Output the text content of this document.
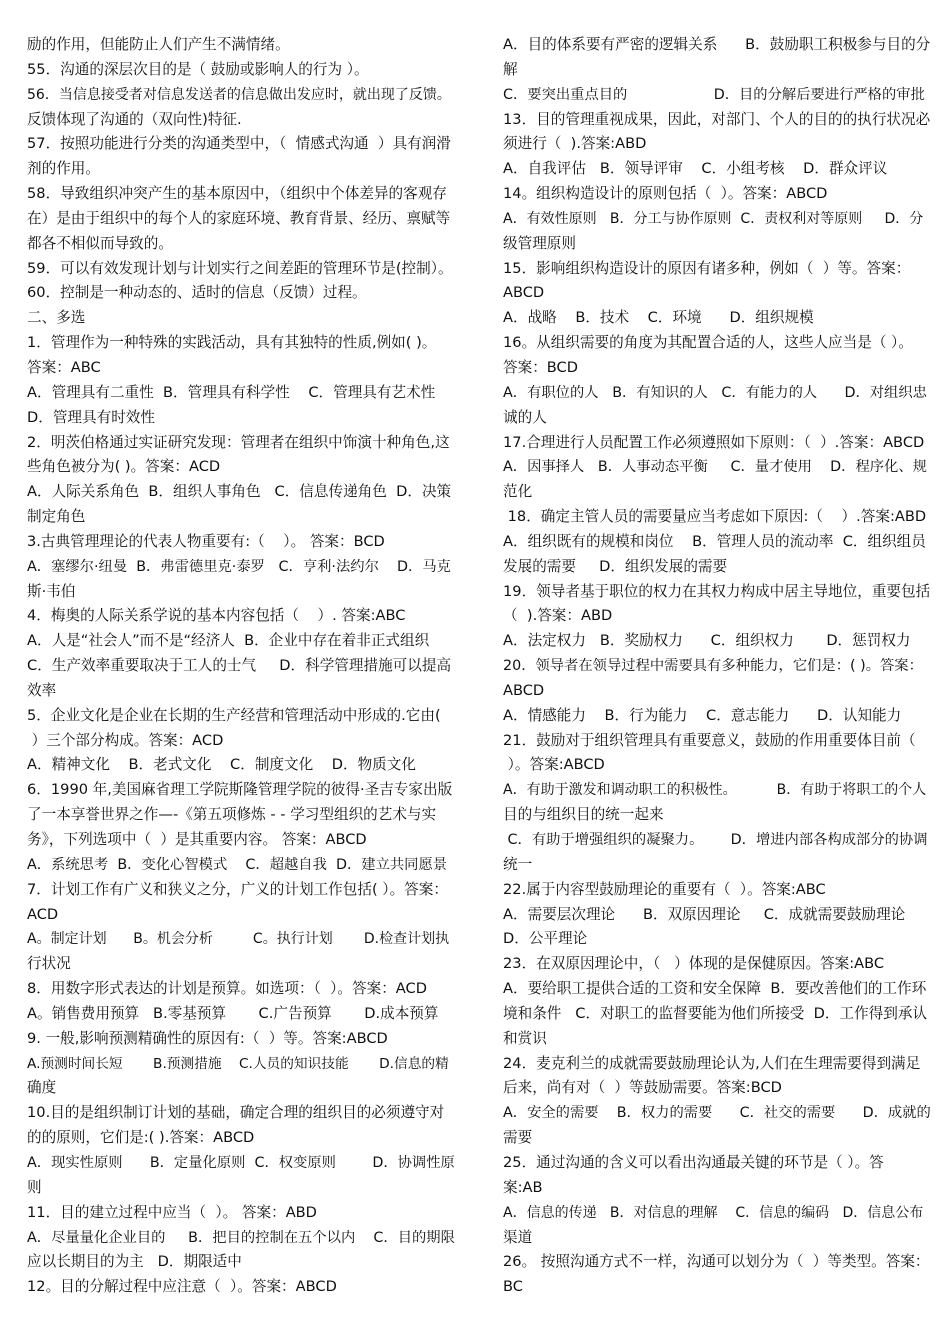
励的作用，但能防止人们产生不满情绪。
55．沟通的深层次目的是（ 鼓励或影响人的行为 ）。
56．当信息接受者对信息发送者的信息做出发应时，就出现了反馈。
反馈体现了沟通的（双向性)特征.
57．按照功能进行分类的沟通类型中，（  情感式沟通  ）具有润滑
剂的作用。
58．导致组织冲突产生的基本原因中，（组织中个体差异的客观存
在）是由于组织中的每个人的家庭环境、教育背景、经历、禀赋等
都各不相似而导致的。
59．可以有效发现计划与计划实行之间差距的管理环节是(控制）。
60．控制是一种动态的、适时的信息（反馈）过程。
二、多选
1．管理作为一种特殊的实践活动，具有其独特的性质,例如( )。
答案：ABC
A．管理具有二重性  B．管理具有科学性    C．管理具有艺术性
D．管理具有时效性
2．明茨伯格通过实证研究发现：管理者在组织中饰演十种角色,这
些角色被分为( )。答案：ACD
A．人际关系角色  B．组织人事角色   C．信息传递角色  D．决策
制定角色
3.古典管理理论的代表人物重要有:（    ）。 答案：BCD
A．塞缪尔·纽曼  B．弗雷德里克·泰罗   C．亨利·法约尔    D．马克
斯·韦伯
4．梅奥的人际关系学说的基本内容包括（    ）. 答案:ABC
A．人是“社会人”而不是“经济人  B．企业中存在着非正式组织
C．生产效率重要取决于工人的士气     D．科学管理措施可以提高
效率
5．企业文化是企业在长期的生产经营和管理活动中形成的.它由(
）三个部分构成。答案：ACD
A．精神文化    B．老式文化    C．制度文化    D．物质文化
6．1990 年,美国麻省理工学院斯隆管理学院的彼得·圣吉专家出版
了一本享誉世界之作—-《第五项修炼 - - 学习型组织的艺术与实
务》，下列选项中（  ）是其重要内容。 答案：ABCD
A．系统思考  B．变化心智模式    C．超越自我  D．建立共同愿景
7．计划工作有广义和狭义之分，广义的计划工作包括( ）。答案：
ACD
A。制定计划      B。机会分析         C。执行计划       D.检查计划执
行状况
8．用数字形式表达的计划是预算。如选项：（  ）。答案：ACD
A。销售费用预算   B.零基预算       C.广告预算       D.成本预算
9. 一般,影响预测精确性的原因有:（  ）等。答案:ABCD
A.预测时间长短       B.预测措施    C.人员的知识技能       D.信息的精
确度
10.目的是组织制订计划的基础，确定合理的组织目的必须遵守对
的的原则，它们是:( ).答案：ABCD
A．现实性原则      B．定量化原则  C．权变原则        D．协调性原
则
11．目的建立过程中应当（  ）。 答案：ABD
A．尽量量化企业目的     B．把目的控制在五个以内    C．目的期限
应以长期目的为主   D．期限适中
12。目的分解过程中应注意（  ）。答案：ABCD
A．目的体系要有严密的逻辑关系      B．鼓励职工积极参与目的分
解
C．要突出重点目的                   D．目的分解后要进行严格的审批
13．目的管理重视成果，因此，对部门、个人的目的的执行状况必
须进行（  ).答案:ABD
A．自我评估   B．领导评审    C．小组考核    D．群众评议
14。组织构造设计的原则包括（  ）。答案：ABCD
A．有效性原则   B．分工与协作原则  C．责权利对等原则     D．分
级管理原则
15．影响组织构造设计的原因有诸多种，例如（  ）等。答案：
ABCD
A．战略    B．技术    C．环境      D．组织规模
16。从组织需要的角度为其配置合适的人，这些人应当是（ ）。
答案：BCD
A．有职位的人   B．有知识的人   C．有能力的人      D．对组织忠
诚的人
17.合理进行人员配置工作必须遵照如下原则：（  ）.答案：ABCD
A．因事择人   B．人事动态平衡     C．量才使用    D．程序化、规
范化
18．确定主管人员的需要量应当考虑如下原因:（    ）.答案:ABD
A．组织既有的规模和岗位    B．管理人员的流动率  C．组织组员
发展的需要     D．组织发展的需要
19．领导者基于职位的权力在其权力构成中居主导地位，重要包括
（  ).答案：ABD
A．法定权力   B．奖励权力      C．组织权力       D．惩罚权力
20．领导者在领导过程中需要具有多种能力，它们是：( )。答案：
ABCD
A．情感能力    B．行为能力    C．意志能力      D．认知能力
21．鼓励对于组织管理具有重要意义，鼓励的作用重要体目前（
）。答案:ABCD
A．有助于激发和调动职工的积极性。         B．有助于将职工的个人
目的与组织目的统一起来
C．有助于增强组织的凝聚力。      D．增进内部各构成部分的协调
统一
22.属于内容型鼓励理论的重要有（  ）。答案:ABC
A．需要层次理论      B．双原因理论     C．成就需要鼓励理论
D．公平理论
23．在双原因理论中，（   ）体现的是保健原因。答案:ABC
A．要给职工提供合适的工资和安全保障  B．要改善他们的工作环
境和条件   C．对职工的监督要能为他们所接受  D．工作得到承认
和赏识
24．麦克利兰的成就需要鼓励理论认为,人们在生理需要得到满足
后来，尚有对（  ）等鼓励需要。答案:BCD
A．安全的需要    B．权力的需要      C．社交的需要      D．成就的
需要
25．通过沟通的含义可以看出沟通最关键的环节是（ ）。答
案:AB
A．信息的传递   B．对信息的理解    C．信息的编码   D．信息公布
渠道
26。 按照沟通方式不一样，沟通可以划分为（  ）等类型。答案：
BC
